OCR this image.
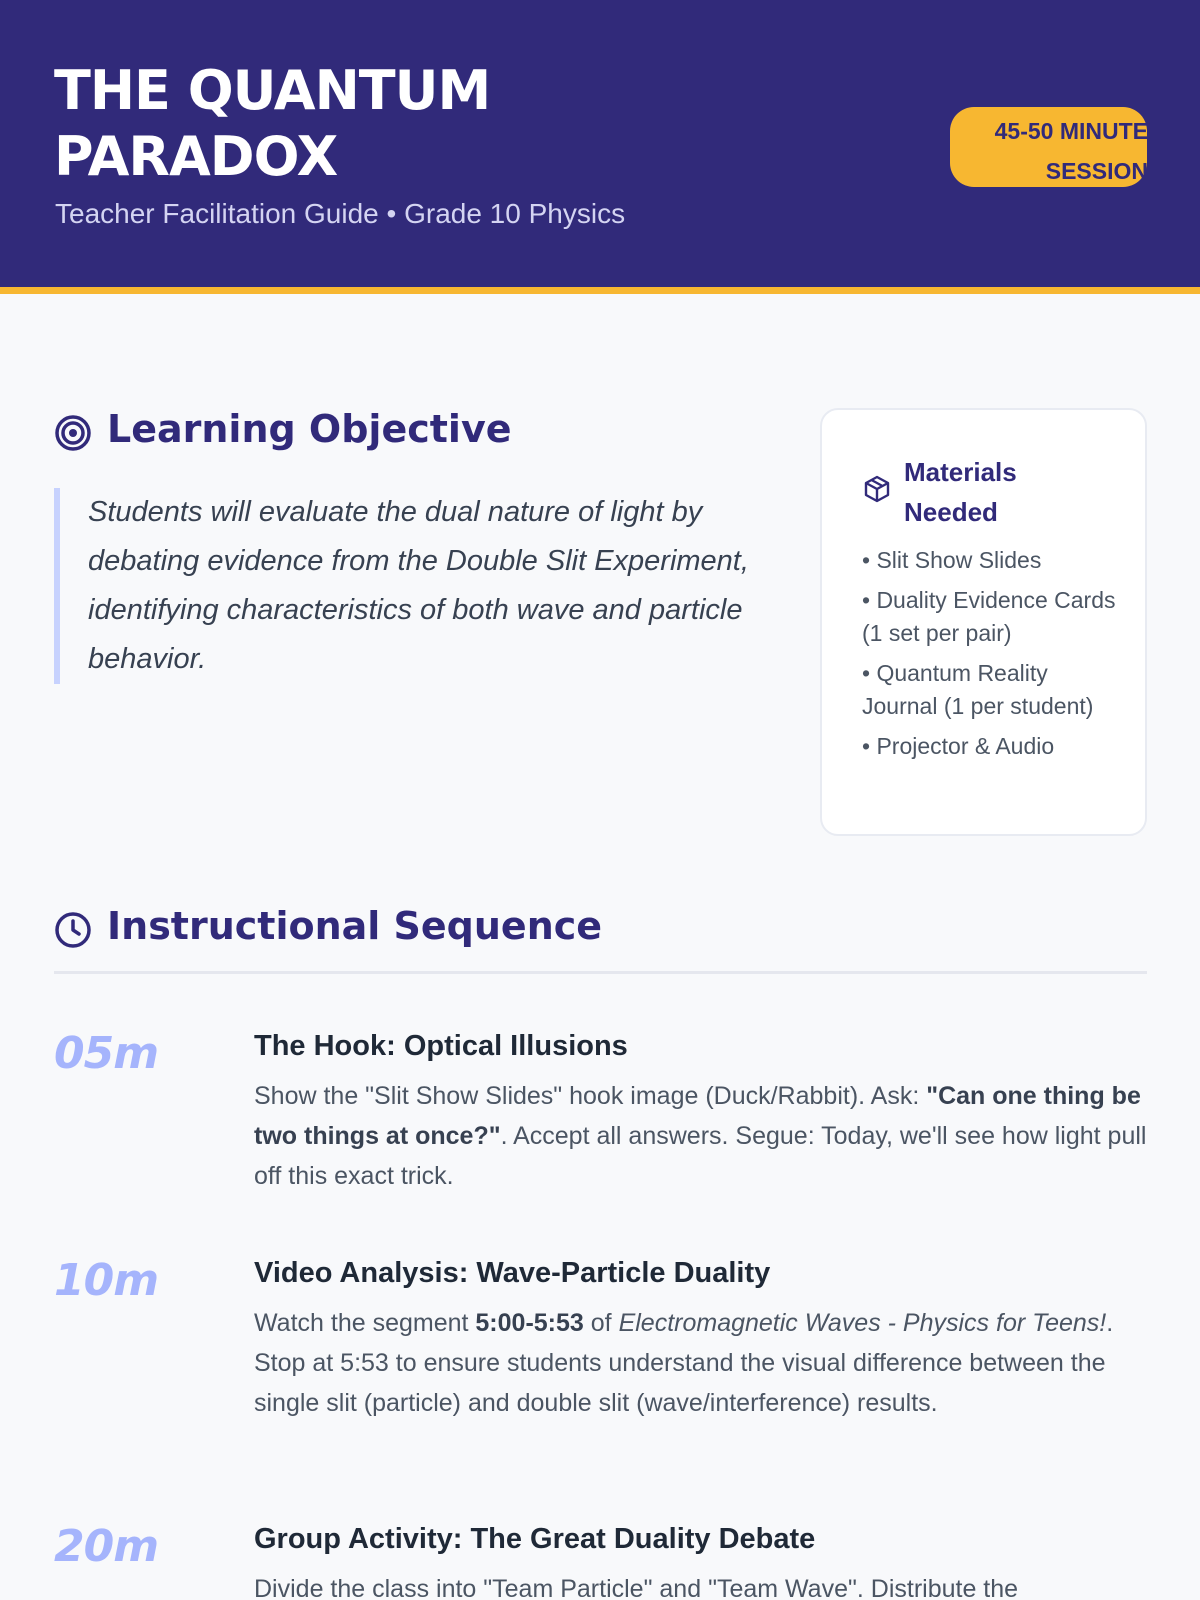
THE QUANTUM PARADOX
Teacher Facilitation Guide • Grade 10 Physics
45-50 MINUTE SESSION
Learning Objective
Students will evaluate the dual nature of light by debating evidence from the Double Slit Experiment, identifying characteristics of both wave and particle behavior.
Materials Needed
• Slit Show Slides
• Duality Evidence Cards (1 set per pair)
• Quantum Reality Journal (1 per student)
• Projector & Audio
Instructional Sequence
05m	The Hook: Optical Illusions

Show the "Slit Show Slides" hook image (Duck/Rabbit). Ask: "Can one thing be two things at once?". Accept all answers. Segue: Today, we'll see how light pull off this exact trick.

10m	Video Analysis: Wave-Particle Duality

Watch the segment 5:00-5:53 of Electromagnetic Waves - Physics for Teens!. Stop at 5:53 to ensure students understand the visual difference between the single slit (particle) and double slit (wave/interference) results.

20m	Group Activity: The Great Duality Debate

Divide the class into "Team Particle" and "Team Wave". Distribute the
